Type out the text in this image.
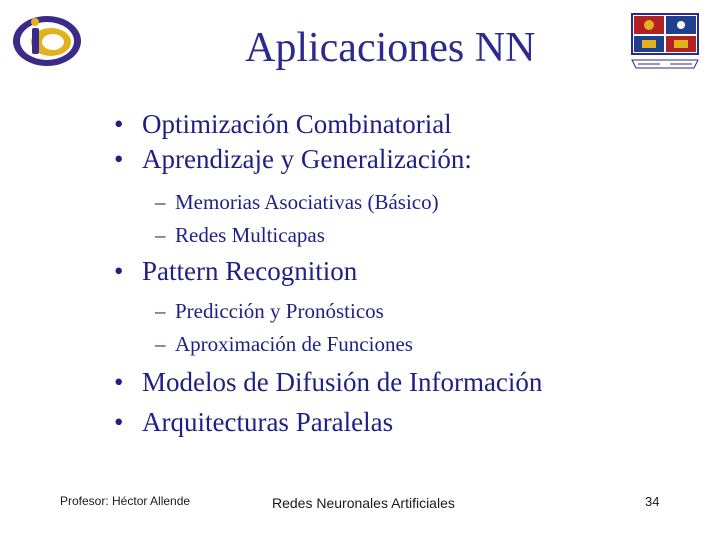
Aplicaciones NN
• Optimización Combinatorial
• Aprendizaje y Generalización:
– Memorias Asociativas (Básico)
– Redes Multicapas
• Pattern Recognition
– Predicción y Pronósticos
– Aproximación de Funciones
• Modelos de Difusión de Información
• Arquitecturas Paralelas
Profesor: Héctor Allende	Redes Neuronales Artificiales	34
